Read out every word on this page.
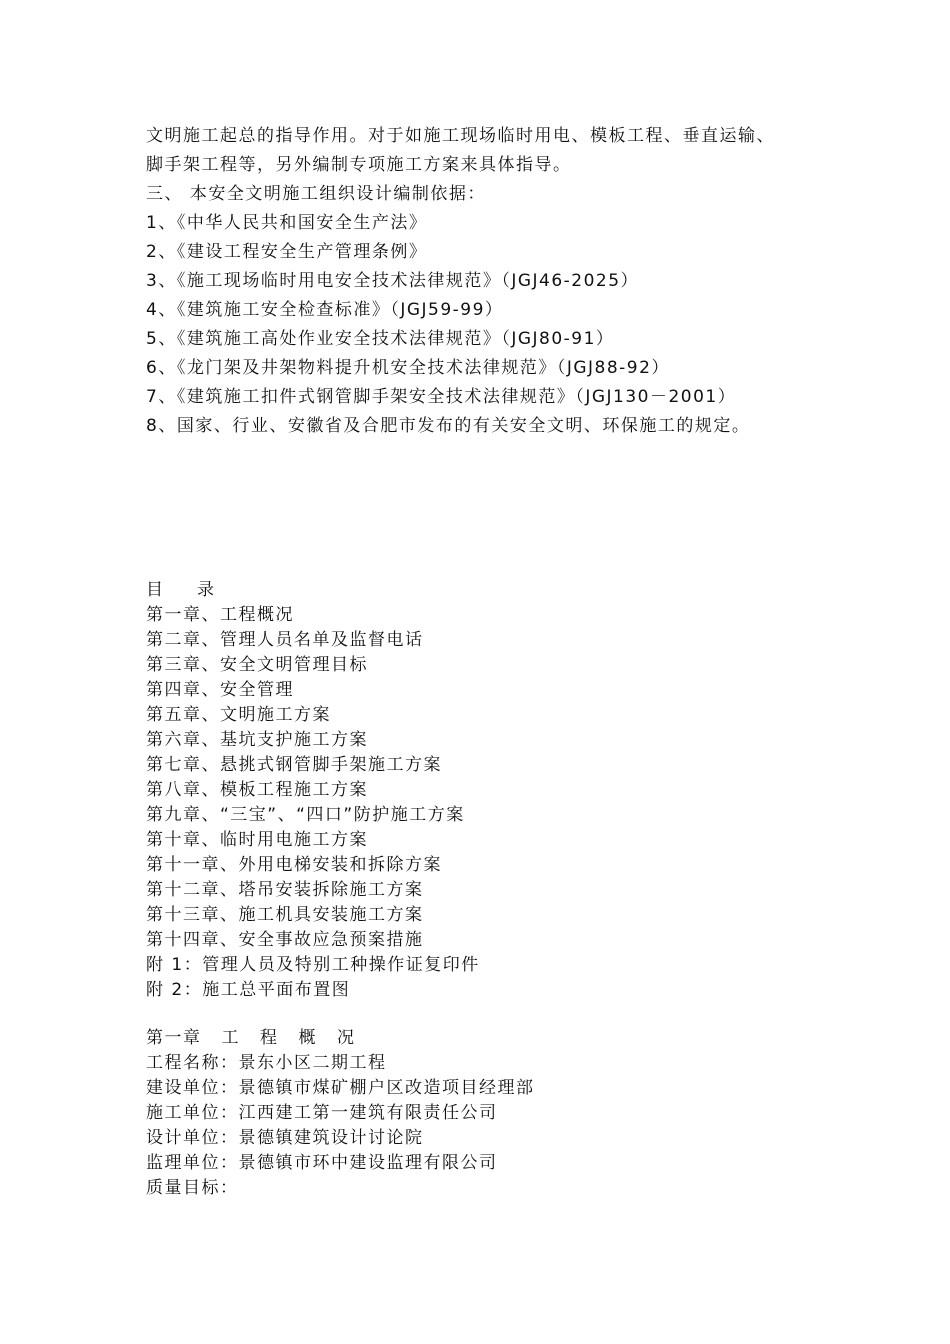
文明施工起总的指导作用。对于如施工现场临时用电、模板工程、垂直运输、
脚手架工程等，另外编制专项施工方案来具体指导。
三、 本安全文明施工组织设计编制依据：
1、《中华人民共和国安全生产法》
2、《建设工程安全生产管理条例》
3、《施工现场临时用电安全技术法律规范》（JGJ46-2025）
4、《建筑施工安全检查标准》（JGJ59-99）
5、《建筑施工高处作业安全技术法律规范》（JGJ80-91）
6、《龙门架及井架物料提升机安全技术法律规范》（JGJ88-92）
7、《建筑施工扣件式钢管脚手架安全技术法律规范》（JGJ130－2001）
8、国家、行业、安徽省及合肥市发布的有关安全文明、环保施工的规定。
目 录
第一章、工程概况
第二章、管理人员名单及监督电话
第三章、安全文明管理目标
第四章、安全管理
第五章、文明施工方案
第六章、基坑支护施工方案
第七章、悬挑式钢管脚手架施工方案
第八章、模板工程施工方案
第九章、“三宝”、“四口”防护施工方案
第十章、临时用电施工方案
第十一章、外用电梯安装和拆除方案
第十二章、塔吊安装拆除施工方案
第十三章、施工机具安装施工方案
第十四章、安全事故应急预案措施
附 1：管理人员及特别工种操作证复印件
附 2：施工总平面布置图
第一章 工 程 概 况
工程名称：景东小区二期工程
建设单位：景德镇市煤矿棚户区改造项目经理部
施工单位：江西建工第一建筑有限责任公司
设计单位：景德镇建筑设计讨论院
监理单位：景德镇市环中建设监理有限公司
质量目标：
